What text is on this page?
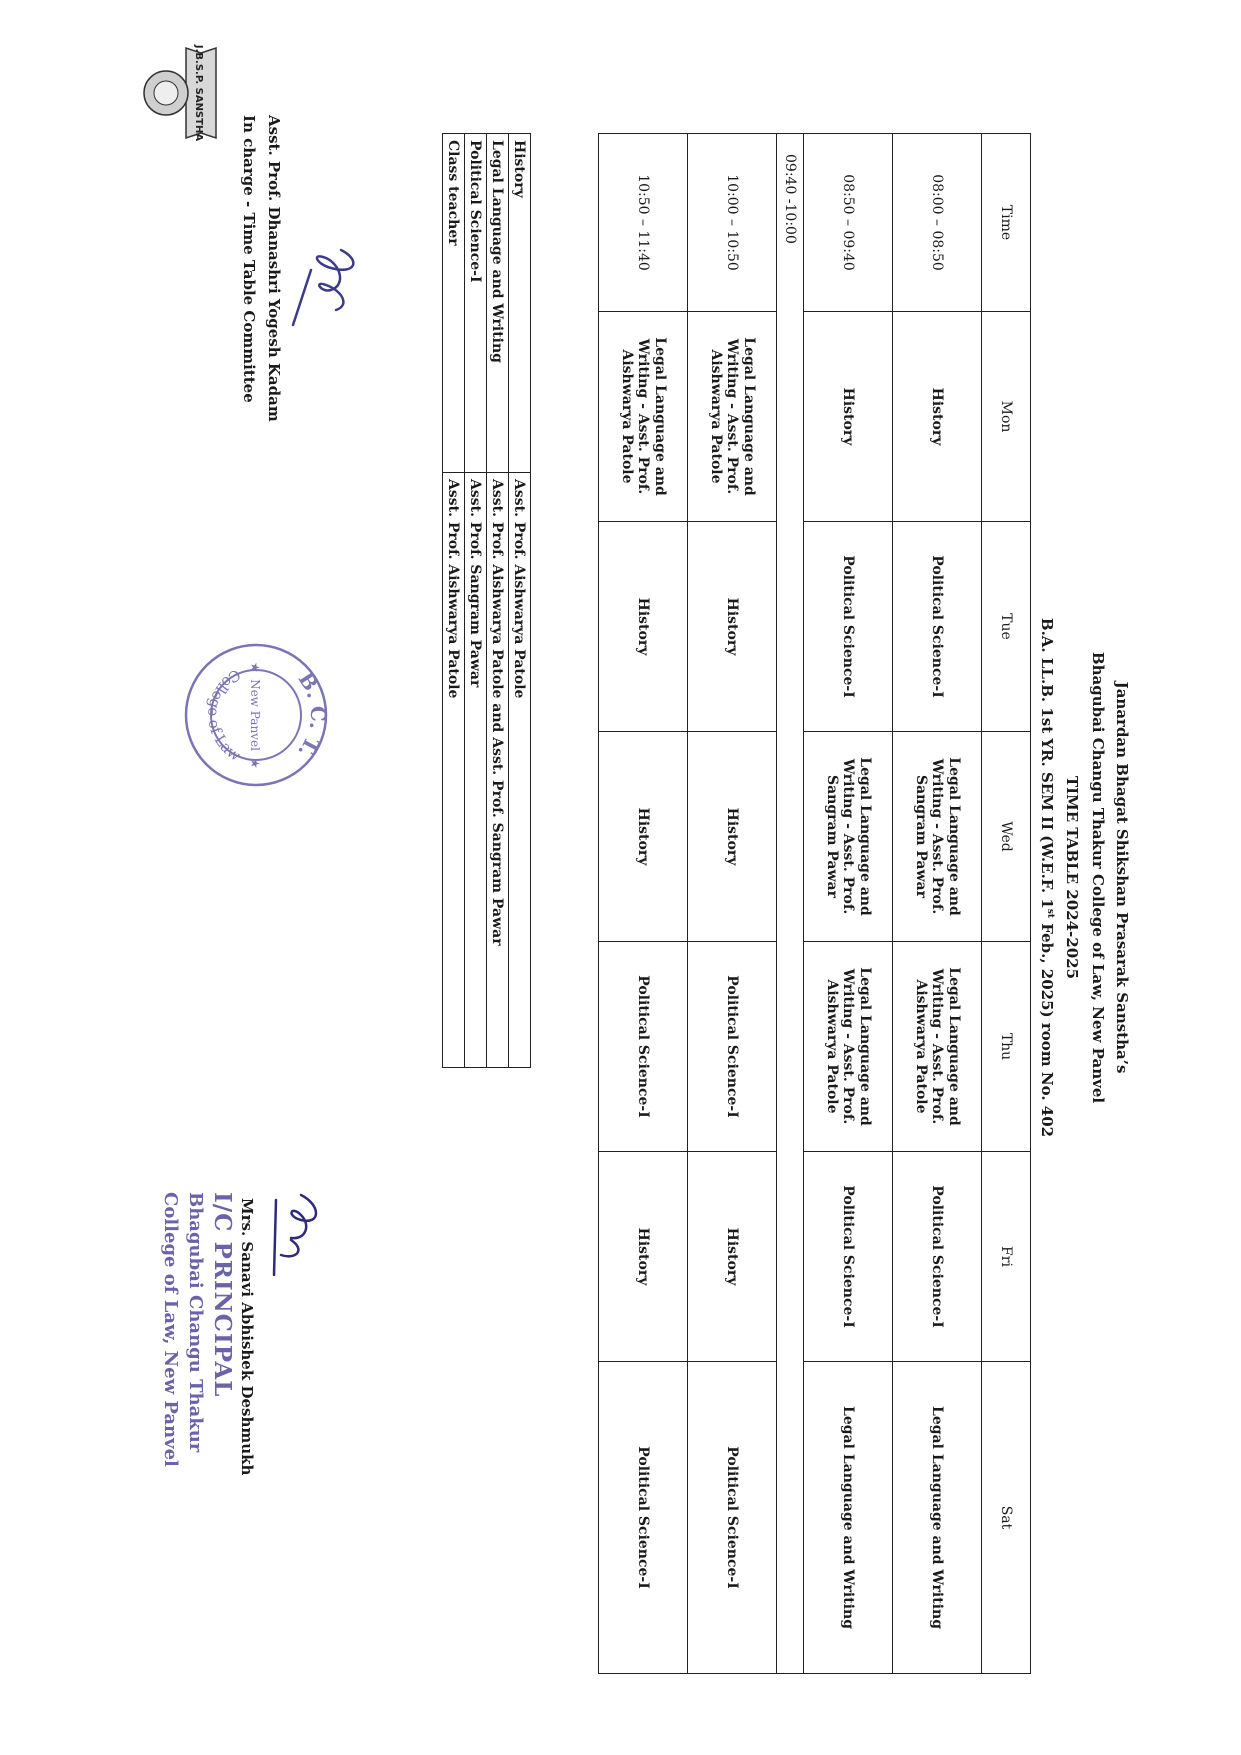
Janardan Bhagat Shikshan Prasarak Sanstha’s
Bhagubai Changu Thakur College of Law, New Panvel
TIME TABLE 2024-2025
B.A. LL.B. 1st YR. SEM II (W.E.F. 1st Feb., 2025) room No. 402
Time	Mon	Tue	Wed	Thu	Fri	Sat
08:00 – 08:50	History	Political Science-I	Legal Language and Writing - Asst. Prof. Sangram Pawar	Legal Language and Writing - Asst. Prof. Aishwarya Patole	Political Science-I	Legal Language and Writing
08:50 – 09:40	History	Political Science-I	Legal Language and Writing - Asst. Prof. Sangram Pawar	Legal Language and Writing - Asst. Prof. Aishwarya Patole	Political Science-I	Legal Language and Writing
09:40 -10:00						
10:00 – 10:50	Legal Language and Writing - Asst. Prof. Aishwarya Patole	History	History	Political Science-I	History	Political Science-I
10:50 – 11:40	Legal Language and Writing - Asst. Prof. Aishwarya Patole	History	History	Political Science-I	History	Political Science-I
History	Asst. Prof. Aishwarya Patole
Legal Language and Writing	Asst. Prof. Aishwarya Patole and Asst. Prof. Sangram Pawar
Political Science-I	Asst. Prof. Sangram Pawar
Class teacher	Asst. Prof. Aishwarya Patole
Asst. Prof. Dhanashri Yogesh Kadam
In charge - Time Table Committee
B. C. T.
College of Law
New Panvel
★
★
Mrs. Sanavi Abhishek Deshmukh
I/C PRINCIPAL
Bhagubai Changu Thakur
College of Law, New Panvel
J.B.S.P. SANSTHA
